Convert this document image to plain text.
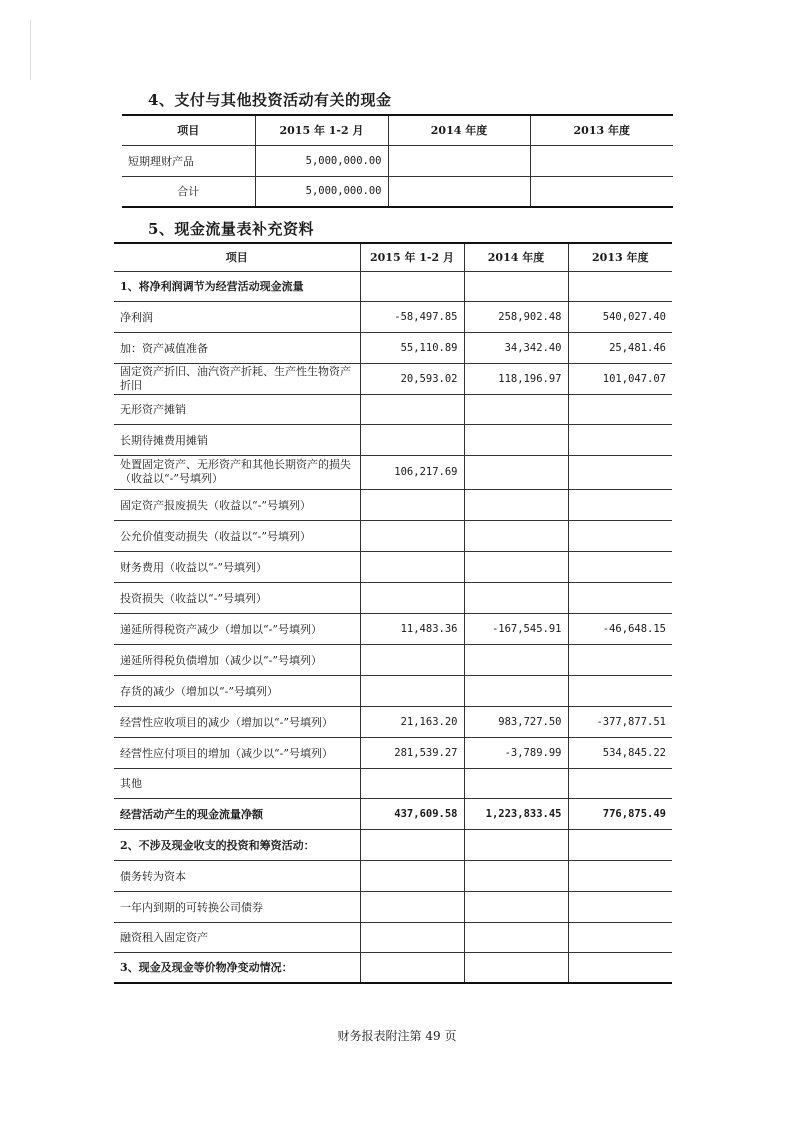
4、支付与其他投资活动有关的现金
项目	2015 年 1-2 月	2014 年度	2013 年度
短期理财产品	5,000,000.00		
合计	5,000,000.00		
5、现金流量表补充资料
项目	2015 年 1-2 月	2014 年度	2013 年度
1、将净利润调节为经营活动现金流量			
净利润	-58,497.85	258,902.48	540,027.40
加：资产减值准备	55,110.89	34,342.40	25,481.46
固定资产折旧、油汽资产折耗、生产性生物资产折旧	20,593.02	118,196.97	101,047.07
无形资产摊销			
长期待摊费用摊销			
处置固定资产、无形资产和其他长期资产的损失（收益以“-”号填列）	106,217.69		
固定资产报废损失（收益以“-”号填列）			
公允价值变动损失（收益以“-”号填列）			
财务费用（收益以“-”号填列）			
投资损失（收益以“-”号填列）			
递延所得税资产减少（增加以“-”号填列）	11,483.36	-167,545.91	-46,648.15
递延所得税负债增加（减少以“-”号填列）			
存货的减少（增加以“-”号填列）			
经营性应收项目的减少（增加以“-”号填列）	21,163.20	983,727.50	-377,877.51
经营性应付项目的增加（减少以“-”号填列）	281,539.27	-3,789.99	534,845.22
其他			
经营活动产生的现金流量净额	437,609.58	1,223,833.45	776,875.49
2、不涉及现金收支的投资和筹资活动：			
债务转为资本			
一年内到期的可转换公司债券			
融资租入固定资产			
3、现金及现金等价物净变动情况：			
财务报表附注第 49 页
